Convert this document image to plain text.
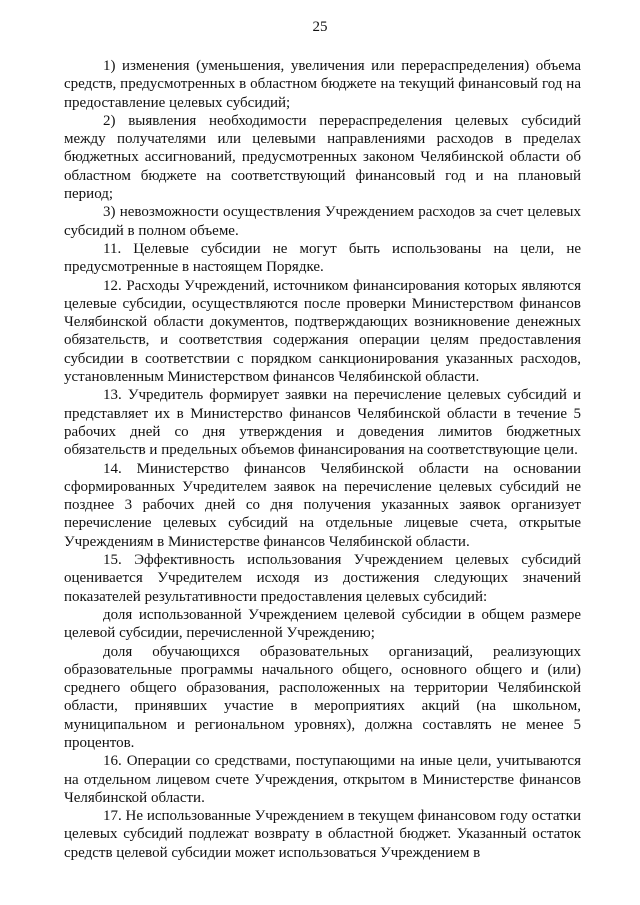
25

1) изменения (уменьшения, увеличения или перераспределения) объема средств, предусмотренных в областном бюджете на текущий финансовый год на предоставление целевых субсидий;

2) выявления необходимости перераспределения целевых субсидий между получателями или целевыми направлениями расходов в пределах бюджетных ассигнований, предусмотренных законом Челябинской области об областном бюджете на соответствующий финансовый год и на плановый период;

3) невозможности осуществления Учреждением расходов за счет целевых субсидий в полном объеме.

11. Целевые субсидии не могут быть использованы на цели, не предусмотренные в настоящем Порядке.

12. Расходы Учреждений, источником финансирования которых являются целевые субсидии, осуществляются после проверки Министерством финансов Челябинской области документов, подтверждающих возникновение денежных обязательств, и соответствия содержания операции целям предоставления субсидии в соответствии с порядком санкционирования указанных расходов, установленным Министерством финансов Челябинской области.

13. Учредитель формирует заявки на перечисление целевых субсидий и представляет их в Министерство финансов Челябинской области в течение 5 рабочих дней со дня утверждения и доведения лимитов бюджетных обязательств и предельных объемов финансирования на соответствующие цели.

14. Министерство финансов Челябинской области на основании сформированных Учредителем заявок на перечисление целевых субсидий не позднее 3 рабочих дней со дня получения указанных заявок организует перечисление целевых субсидий на отдельные лицевые счета, открытые Учреждениям в Министерстве финансов Челябинской области.

15. Эффективность использования Учреждением целевых субсидий оценивается Учредителем исходя из достижения следующих значений показателей результативности предоставления целевых субсидий:

доля использованной Учреждением целевой субсидии в общем размере целевой субсидии, перечисленной Учреждению;

доля обучающихся образовательных организаций, реализующих образовательные программы начального общего, основного общего и (или) среднего общего образования, расположенных на территории Челябинской области, принявших участие в мероприятиях акций (на школьном, муниципальном и региональном уровнях), должна составлять не менее 5 процентов.

16. Операции со средствами, поступающими на иные цели, учитываются на отдельном лицевом счете Учреждения, открытом в Министерстве финансов Челябинской области.

17. Не использованные Учреждением в текущем финансовом году остатки целевых субсидий подлежат возврату в областной бюджет. Указанный остаток средств целевой субсидии может использоваться Учреждением в
